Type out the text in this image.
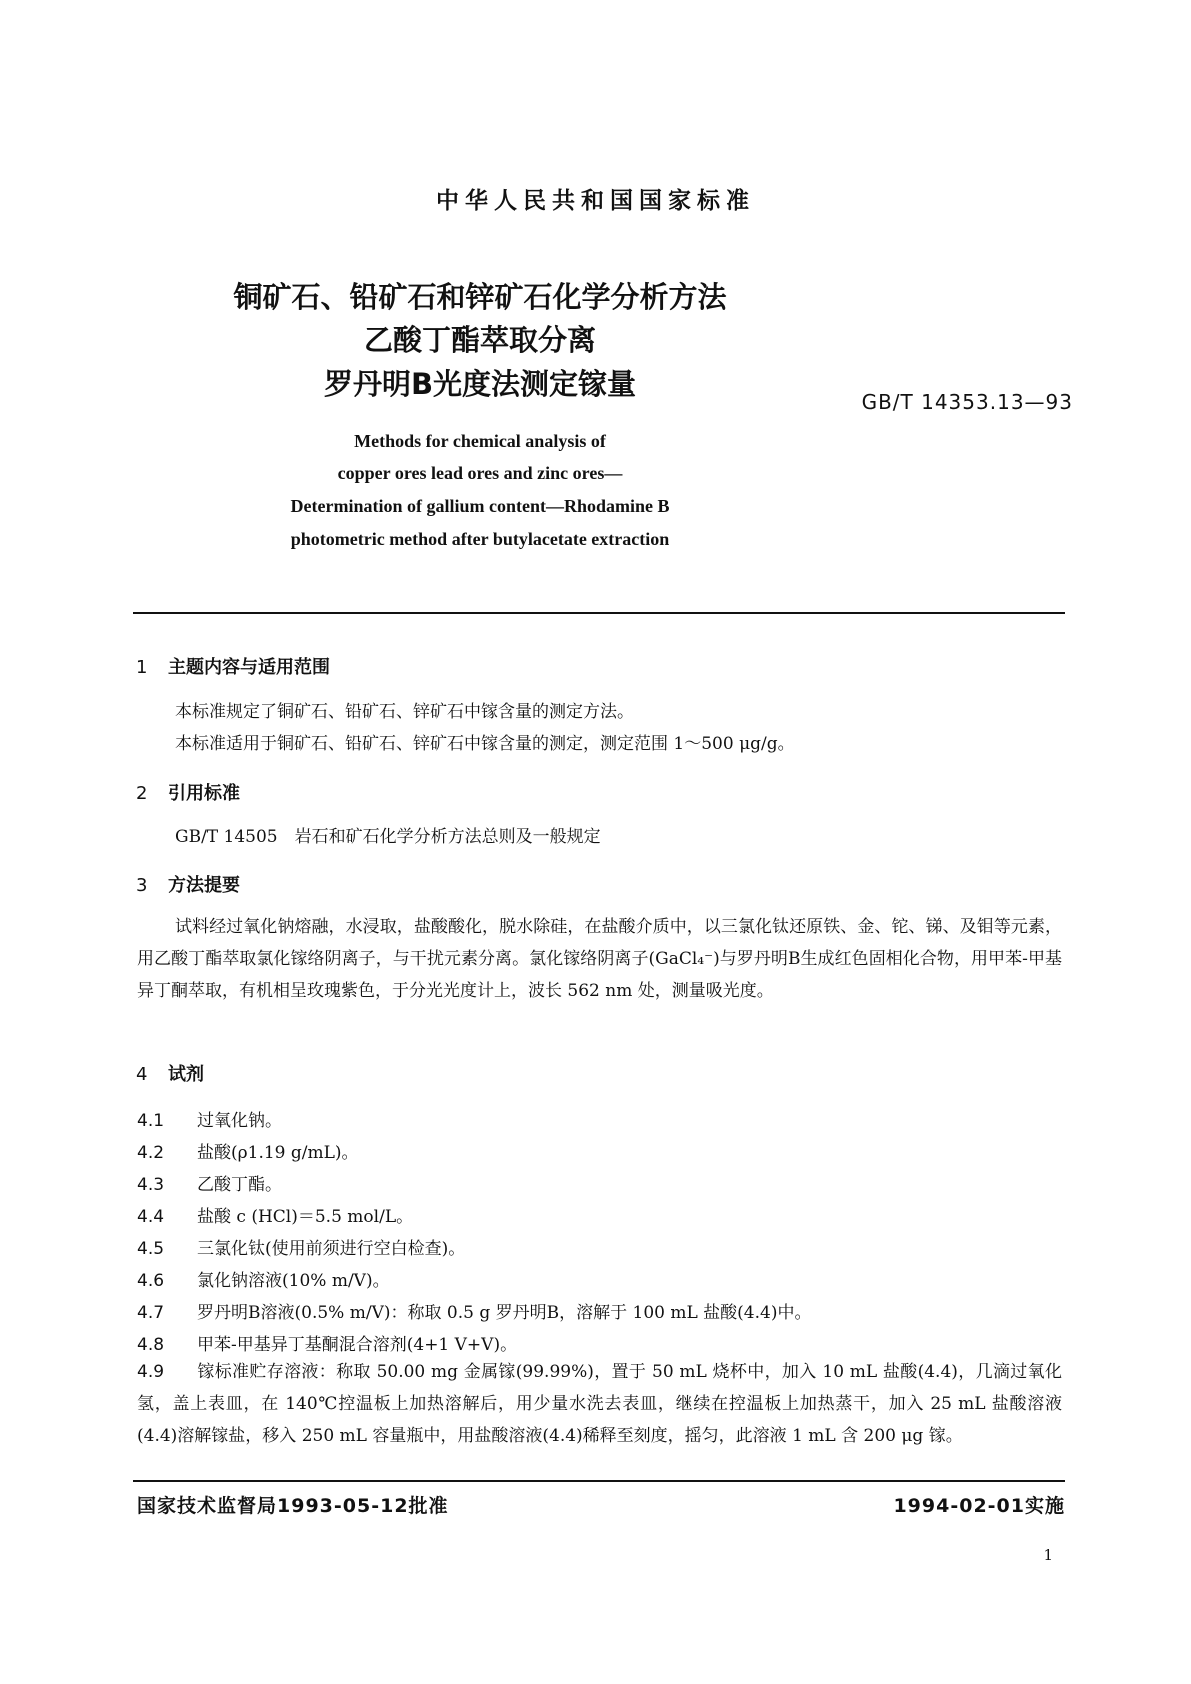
中华人民共和国国家标准
铜矿石、铅矿石和锌矿石化学分析方法
乙酸丁酯萃取分离
罗丹明B光度法测定镓量
GB/T 14353.13—93
Methods for chemical analysis of
copper ores lead ores and zinc ores—
Determination of gallium content—Rhodamine B
photometric method after butylacetate extraction
1 主题内容与适用范围
本标准规定了铜矿石、铅矿石、锌矿石中镓含量的测定方法。
本标准适用于铜矿石、铅矿石、锌矿石中镓含量的测定，测定范围 1～500 μg/g。
2 引用标准
GB/T 14505　岩石和矿石化学分析方法总则及一般规定
3 方法提要
试料经过氧化钠熔融，水浸取，盐酸酸化，脱水除硅，在盐酸介质中，以三氯化钛还原铁、金、铊、锑、及钼等元素，用乙酸丁酯萃取氯化镓络阴离子，与干扰元素分离。氯化镓络阴离子(GaCl₄⁻)与罗丹明B生成红色固相化合物，用甲苯-甲基异丁酮萃取，有机相呈玫瑰紫色，于分光光度计上，波长 562 nm 处，测量吸光度。
4 试剂
4.1 过氧化钠。
4.2 盐酸(ρ1.19 g/mL)。
4.3 乙酸丁酯。
4.4 盐酸 c (HCl)＝5.5 mol/L。
4.5 三氯化钛(使用前须进行空白检查)。
4.6 氯化钠溶液(10% m/V)。
4.7 罗丹明B溶液(0.5% m/V)：称取 0.5 g 罗丹明B，溶解于 100 mL 盐酸(4.4)中。
4.8 甲苯-甲基异丁基酮混合溶剂(4+1 V+V)。
4.9 镓标准贮存溶液：称取 50.00 mg 金属镓(99.99%)，置于 50 mL 烧杯中，加入 10 mL 盐酸(4.4)，几滴过氧化氢，盖上表皿，在 140℃控温板上加热溶解后，用少量水洗去表皿，继续在控温板上加热蒸干，加入 25 mL 盐酸溶液(4.4)溶解镓盐，移入 250 mL 容量瓶中，用盐酸溶液(4.4)稀释至刻度，摇匀，此溶液 1 mL 含 200 μg 镓。
国家技术监督局1993-05-12批准	1994-02-01实施
1
